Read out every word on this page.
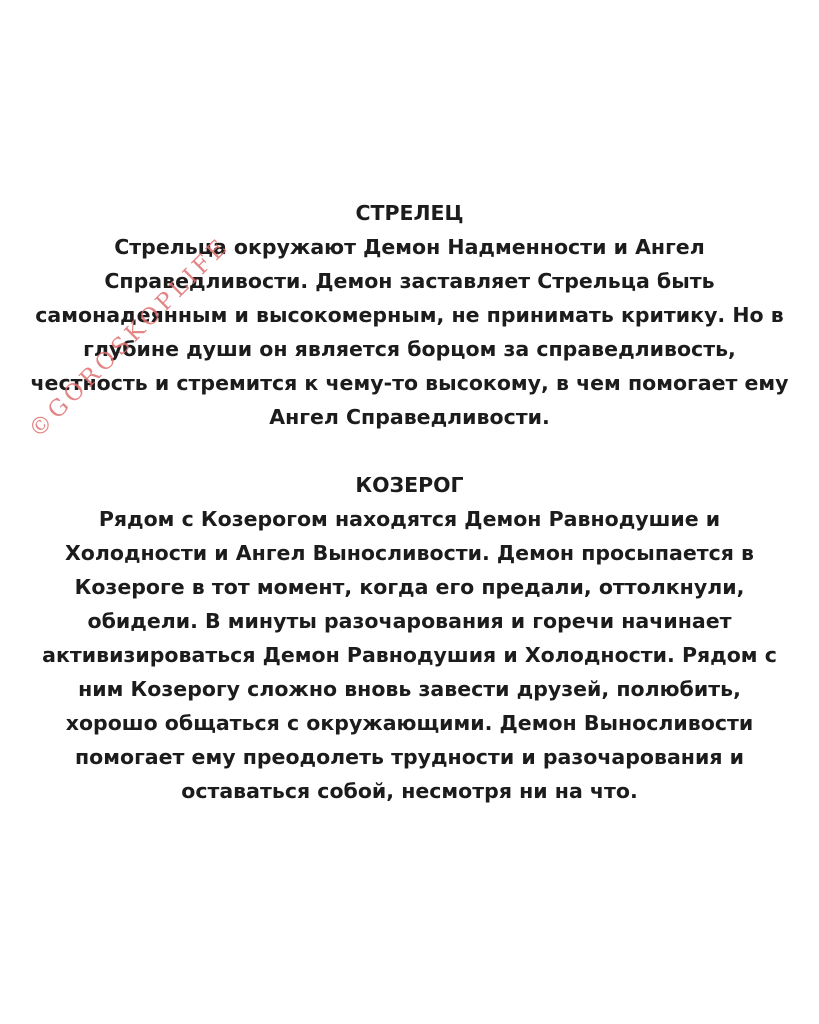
©GOROSKOPLIFE
СТРЕЛЕЦ

Стрельца окружают Демон Надменности и Ангел Справедливости. Демон заставляет Стрельца быть самонадеянным и высокомерным, не принимать критику. Но в глубине души он является борцом за справедливость, честность и стремится к чему-то высокому, в чем помогает ему Ангел Справедливости.

КОЗЕРОГ

Рядом с Козерогом находятся Демон Равнодушие и Холодности и Ангел Выносливости. Демон просыпается в Козероге в тот момент, когда его предали, оттолкнули, обидели. В минуты разочарования и горечи начинает активизироваться Демон Равнодушия и Холодности. Рядом с ним Козерогу сложно вновь завести друзей, полюбить, хорошо общаться с окружающими. Демон Выносливости помогает ему преодолеть трудности и разочарования и оставаться собой, несмотря ни на что.
